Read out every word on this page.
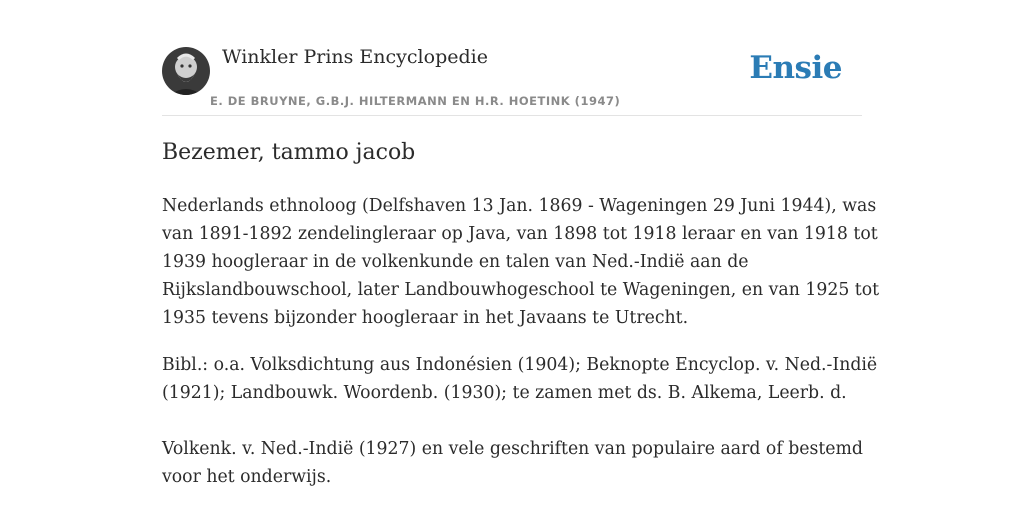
Winkler Prins Encyclopedie
E. DE BRUYNE, G.B.J. HILTERMANN EN H.R. HOETINK (1947)
Ensie
Bezemer, tammo jacob

Nederlands ethnoloog (Delfshaven 13 Jan. 1869 - Wageningen 29 Juni 1944), was van 1891-1892 zendelingleraar op Java, van 1898 tot 1918 leraar en van 1918 tot 1939 hoogleraar in de volkenkunde en talen van Ned.-Indië aan de Rijkslandbouwschool, later Landbouwhogeschool te Wageningen, en van 1925 tot 1935 tevens bijzonder hoogleraar in het Javaans te Utrecht.

Bibl.: o.a. Volksdichtung aus Indonésien (1904); Beknopte Encyclop. v. Ned.-Indië (1921); Landbouwk. Woordenb. (1930); te zamen met ds. B. Alkema, Leerb. d.

Volkenk. v. Ned.-Indië (1927) en vele geschriften van populaire aard of bestemd voor het onderwijs.
